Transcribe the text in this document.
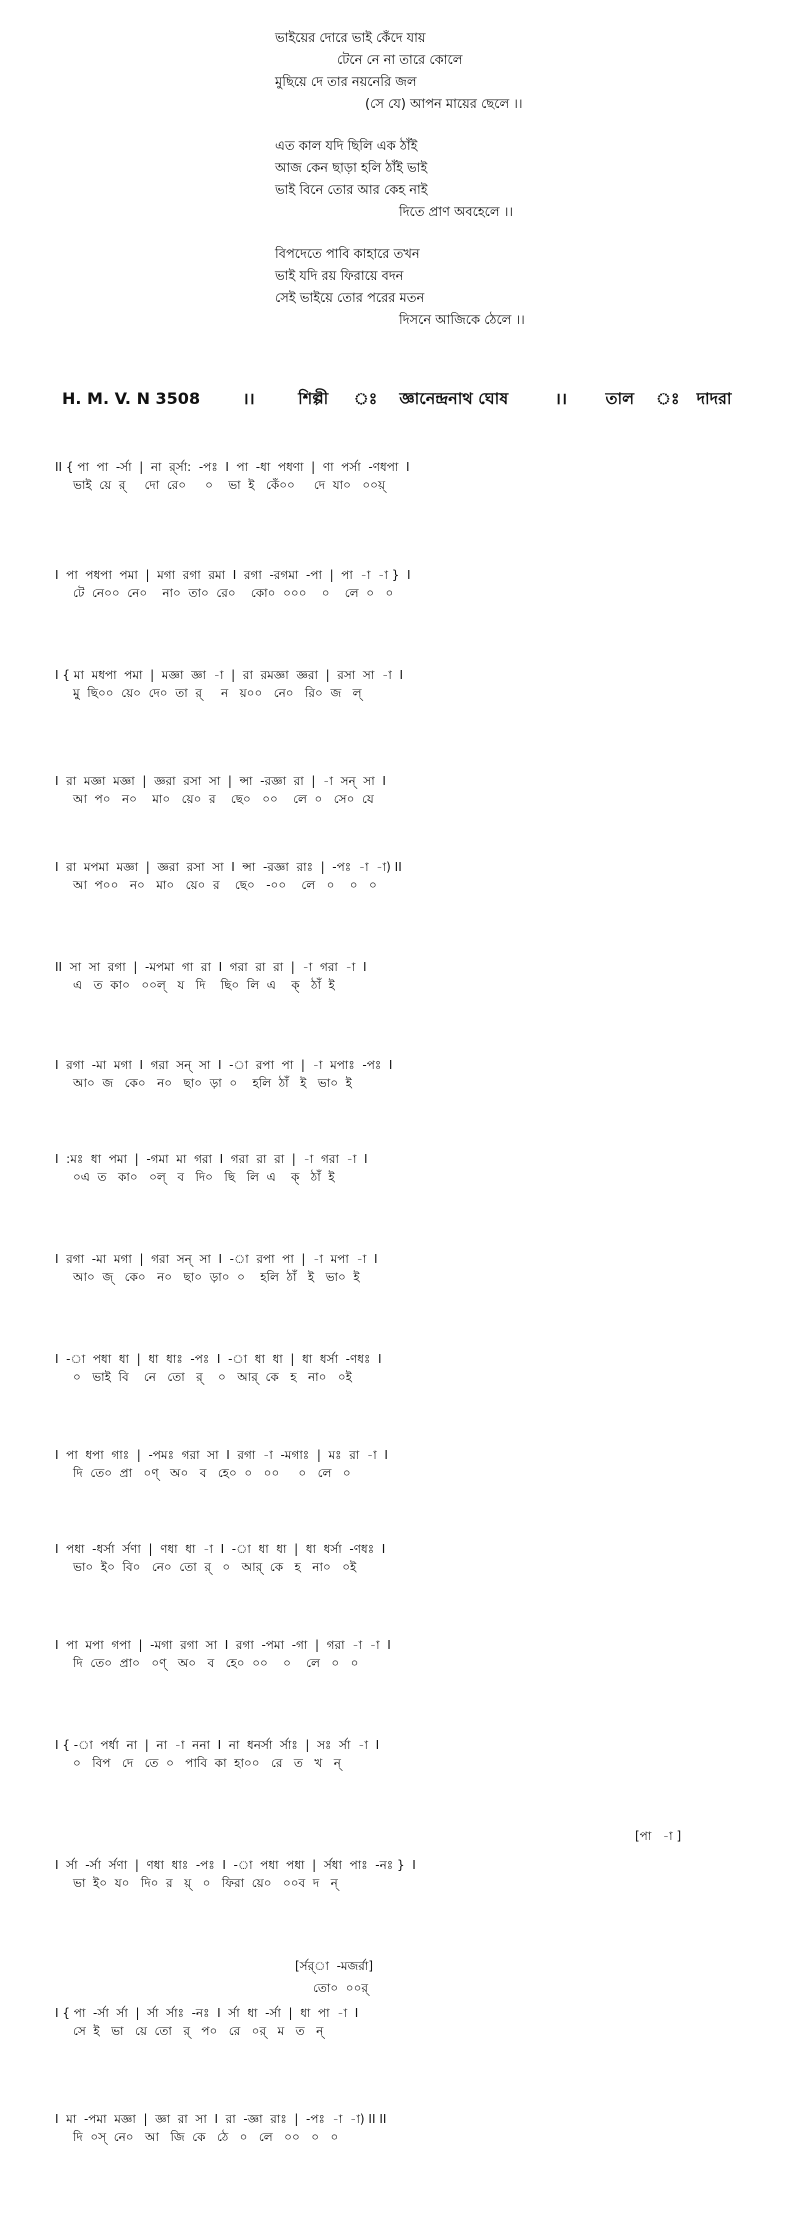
ভাইয়ের দোরে ভাই কেঁদে যায়
টেনে নে না তারে কোলে
মুছিয়ে দে তার নয়নেরি জল
(সে যে) আপন মায়ের ছেলে ।।
এত কাল যদি ছিলি এক ঠাঁই
আজ কেন ছাড়া হলি ঠাঁই ভাই
ভাই বিনে তোর আর কেহ নাই
দিতে প্রাণ অবহেলে ।।
বিপদেতে পাবি কাহারে তখন
ভাই যদি রয় ফিরায়ে বদন
সেই ভাইয়ে তোর পরের মতন
দিসনে আজিকে ঠেলে ।।
H. M. V. N 3508	।।	শিল্পী ঃ জ্ঞানেন্দ্রনাথ ঘোষ	।। তাল ঃ দাদরা
II { পা  পা  -র্সা  |  না  র্র্সা:  -পঃ  I  পা  -ধা  পধণা  |  ণা  পর্সা  -ণধপা  I
ভাই  য়ে  র্     দো  রে০     ০    ভা  ই   কেঁ০০     দে  যা০   ০০য়্
I  পা  পধপা  পমা  |  মগা  রগা  রমা  I  রগা  -রগমা  -পা  |  পা  -া  -া }  I
টে  নে০০  নে০    না০  তা০  রে০    কো০  ০০০    ০    লে  ০   ০
I { মা  মধপা  পমা  |  মজ্ঞা  জ্ঞা  -া  |  রা  রমজ্ঞা  জ্ঞরা  |  রসা  সা  -া  I
মু  ছি০০  য়ে০  দে০  তা  র্     ন   য়০০   নে০   রি০  জ   ল্
I  রা  মজ্ঞা  মজ্ঞা  |  জ্ঞরা  রসা  সা  |  ন্সা  -রজ্ঞা  রা  |  -া  সন্  সা  I
আ  প০   ন০    মা০   য়ে০  র    ছে০   ০০    লে  ০   সে০  যে
I  রা  মপমা  মজ্ঞা  |  জ্ঞরা  রসা  সা  I  ন্সা  -রজ্ঞা  রাঃ  |  -পঃ  -া  -া) II
আ  প০০   ন০   মা০   য়ে০  র    ছে০   -০০    লে   ০    ০   ০
II  সা  সা  রগা  |  -মপমা  গা  রা  I  গরা  রা  রা  |  -া  গরা  -া  I
এ   ত  কা০   ০০ল্   য   দি    ছি০  লি  এ    ক্   ঠাঁ  ই
I  রগা  -মা  মগা  I  গরা  সন্  সা  I  -া  রপা  পা  |  -া  মপাঃ  -পঃ  I
আ০  জ   কে০   ন০   ছা০  ড়া  ০    হলি  ঠাঁ   ই   ভা০  ই
I  :মঃ  ধা  পমা  |  -গমা  মা  গরা  I  গরা  রা  রা  |  -া  গরা  -া  I
০এ  ত   কা০   ০ল্   ব   দি০   ছি   লি  এ    ক্   ঠাঁ  ই
I  রগা  -মা  মগা  |  গরা  সন্  সা  I  -া  রপা  পা  |  -া  মপা  -া  I
আ০  জ্   কে০   ন০   ছা০  ড়া০  ০    হলি  ঠাঁ   ই   ভা০  ই
I  -া  পধা  ধা  |  ধা  ধাঃ  -পঃ  I  -া  ধা  ধা  |  ধা  ধর্সা  -ণধঃ  I
০   ভাই  বি    নে   তো   র্    ০   আর্  কে   হ   না০   ০ই
I  পা  ধপা  গাঃ  |  -পমঃ  গরা  সা  I  রগা  -া  -মগাঃ  |  মঃ  রা  -া  I
দি  তে০  প্রা   ০ণ্   অ০   ব   হে০  ০   ০০     ০   লে   ০
I  পধা  -ধর্সা  র্সণা  |  ণধা  ধা  -া  I  -া  ধা  ধা  |  ধা  ধর্সা  -ণধঃ  I
ভা০  ই০  বি০   নে০  তো  র্   ০   আর্  কে   হ   না০   ০ই
I  পা  মপা  গপা  |  -মগা  রগা  সা  I  রগা  -পমা  -গা  |  গরা  -া  -া  I
দি  তে০  প্রা০   ০ণ্   অ০   ব   হে০  ০০    ০    লে   ০   ০
I { -া  পর্ধা  না  |  না  -া  ননা  I  না  ধনর্সা  র্সাঃ  |  সঃ  র্সা  -া  I
০   বিপ   দে   তে  ০   পাবি  কা  হা০০   রে   ত   খ   ন্
I  র্সা  -র্সা  র্সণা  |  ণধা  ধাঃ  -পঃ  I  -া  পধা  পধা  |  র্সধা  পাঃ  -নঃ }  I
ভা  ই০  য০   দি০  র   য়্   ০   ফিরা  য়ে০   ০০ব  দ   ন্
I { পা  -র্সা  র্সা  |  র্সা  র্সাঃ  -নঃ  I  র্সা  ধা  -র্সা  |  ধা  পা  -া  I
সে  ই   ভা   য়ে  তো   র্   প০   রে   ০র্   ম   ত   ন্
I  মা  -পমা  মজ্ঞা  |  জ্ঞা  রা  সা  I  রা  -জ্ঞা  রাঃ  |  -পঃ  -া  -া) II II
দি  ০স্  নে০   আ   জি  কে   ঠে   ০   লে   ০০   ০   ০
[পা   -া ]
[র্সর্‌া  -মজর্রা]
তো০  ০০র্
